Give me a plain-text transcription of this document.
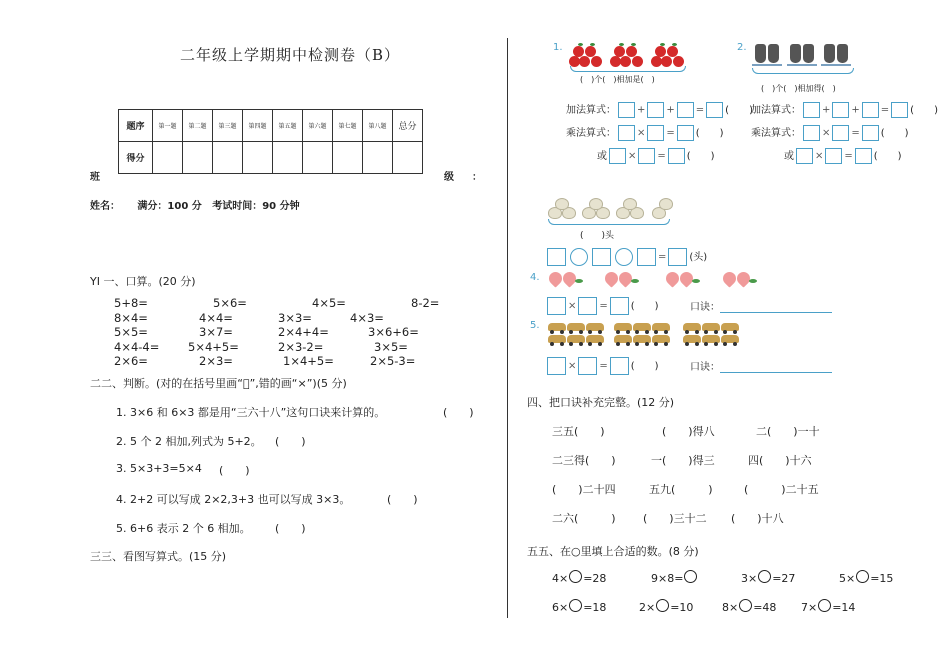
二年级上学期期中检测卷（B）
题序	第一题	第二题	第三题	第四题	第五题	第六题	第七题	第八题	总分
得分									
班	级 ：
姓名：     满分：100 分   考试时间：90 分钟
YI 一、口算。(20 分)
5+8=	5×6=	4×5=	8-2=
8×4=	4×4=	3×3=	4×3=
5×5=	3×7=	2×4+4=	3×6+6=
4×4-4= 5×4+5=	2×3-2=	3×5=
2×6=	2×3=	1×4+5=	2×5-3=
二二、判断。(对的在括号里画“ ”,错的画“×”)(5 分)
1. 3×6 和 6×3 都是用“三六十八”这句口诀来计算的。	(　　)
2. 5 个 2 相加,列式为 5+2。 (　　)
3. 5×3+3=5×4 (　　)
4. 2+2 可以写成 2×2,3+3 也可以写成 3×3。	(　　)
5. 6+6 表示 2 个 6 相加。 (　　)
三三、看图写算式。(15 分)
1.
(　)个(　)相加是(　)
2.
(　)个(　)相加得(　)
加法算式： + + = (　　)
乘法算式： × = (　　)
或 × = (　　)
加法算式： + + = (　　)
乘法算式： × = (　　)
或 × = (　　)
(　　)头
= (头)
4.
× = (　　)	口诀：
5.
× = (　　)	口诀：
四、把口诀补充完整。(12 分)
三五(　　)	(　　)得八	二(　　)一十
二三得(　　)	一(　　)得三	四(　　)十六
(　　)二十四	五九(　　　)	(　　　)二十五
二六(　　　) (　　)三十二 (　　)十八
五五、在○里填上合适的数。(8 分)
4× =28	9×8=	3× =27	5× =15
6× =18	2× =10	8× =48 7× =14
